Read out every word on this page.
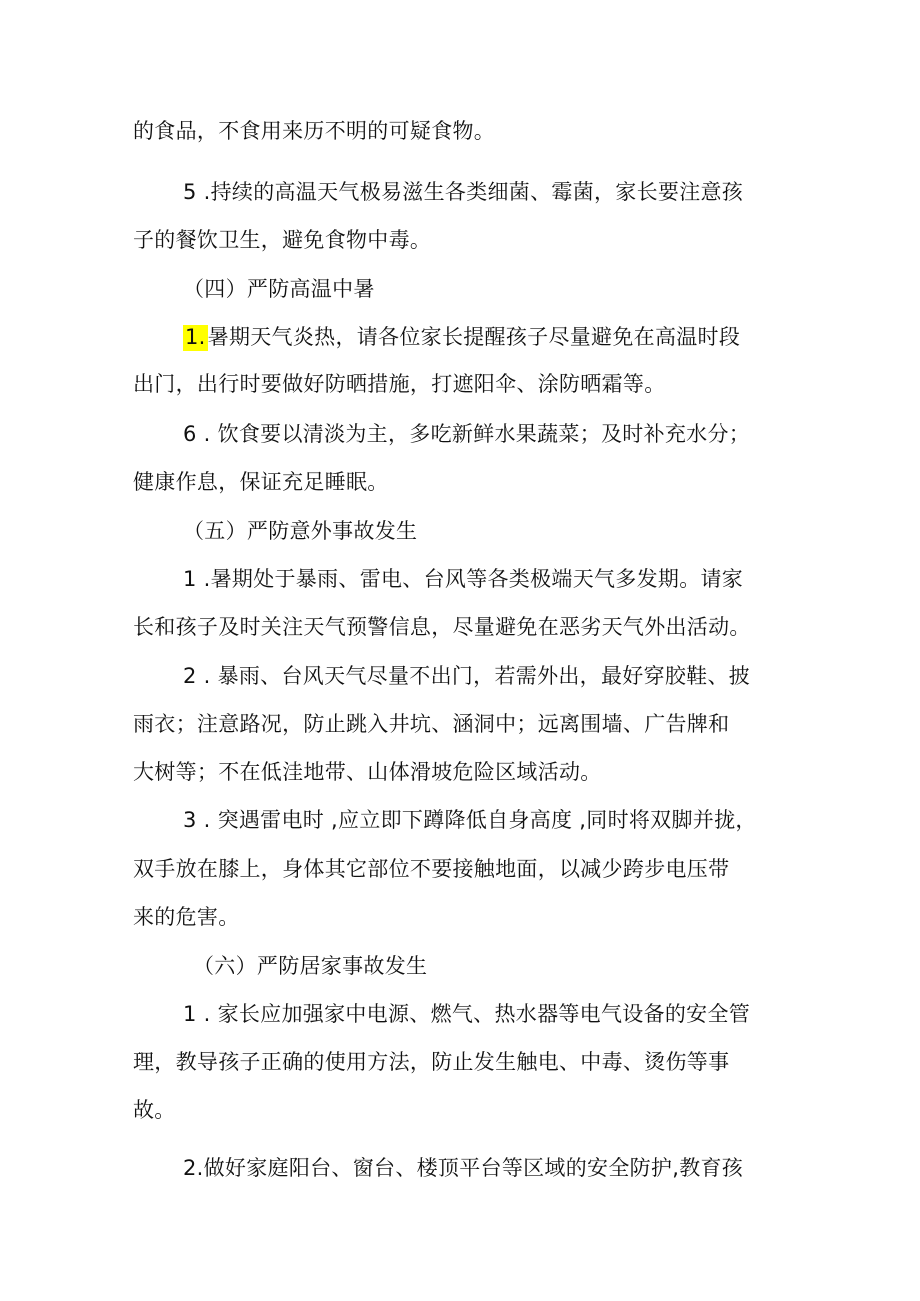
的食品，不食用来历不明的可疑食物。
5 .持续的高温天气极易滋生各类细菌、霉菌，家长要注意孩
子的餐饮卫生，避免食物中毒。
（四）严防高温中暑
1.暑期天气炎热，请各位家长提醒孩子尽量避免在高温时段
出门，出行时要做好防晒措施，打遮阳伞、涂防晒霜等。
6 . 饮食要以清淡为主，多吃新鲜水果蔬菜；及时补充水分；
健康作息，保证充足睡眠。
（五）严防意外事故发生
1 .暑期处于暴雨、雷电、台风等各类极端天气多发期。请家
长和孩子及时关注天气预警信息，尽量避免在恶劣天气外出活动。
2 . 暴雨、台风天气尽量不出门，若需外出，最好穿胶鞋、披
雨衣；注意路况，防止跳入井坑、涵洞中；远离围墙、广告牌和
大树等；不在低洼地带、山体滑坡危险区域活动。
3 . 突遇雷电时 ,应立即下蹲降低自身高度 ,同时将双脚并拢，
双手放在膝上，身体其它部位不要接触地面，以减少跨步电压带
来的危害。
（六）严防居家事故发生
1 . 家长应加强家中电源、燃气、热水器等电气设备的安全管
理，教导孩子正确的使用方法，防止发生触电、中毒、烫伤等事
故。
2.做好家庭阳台、窗台、楼顶平台等区域的安全防护,教育孩
